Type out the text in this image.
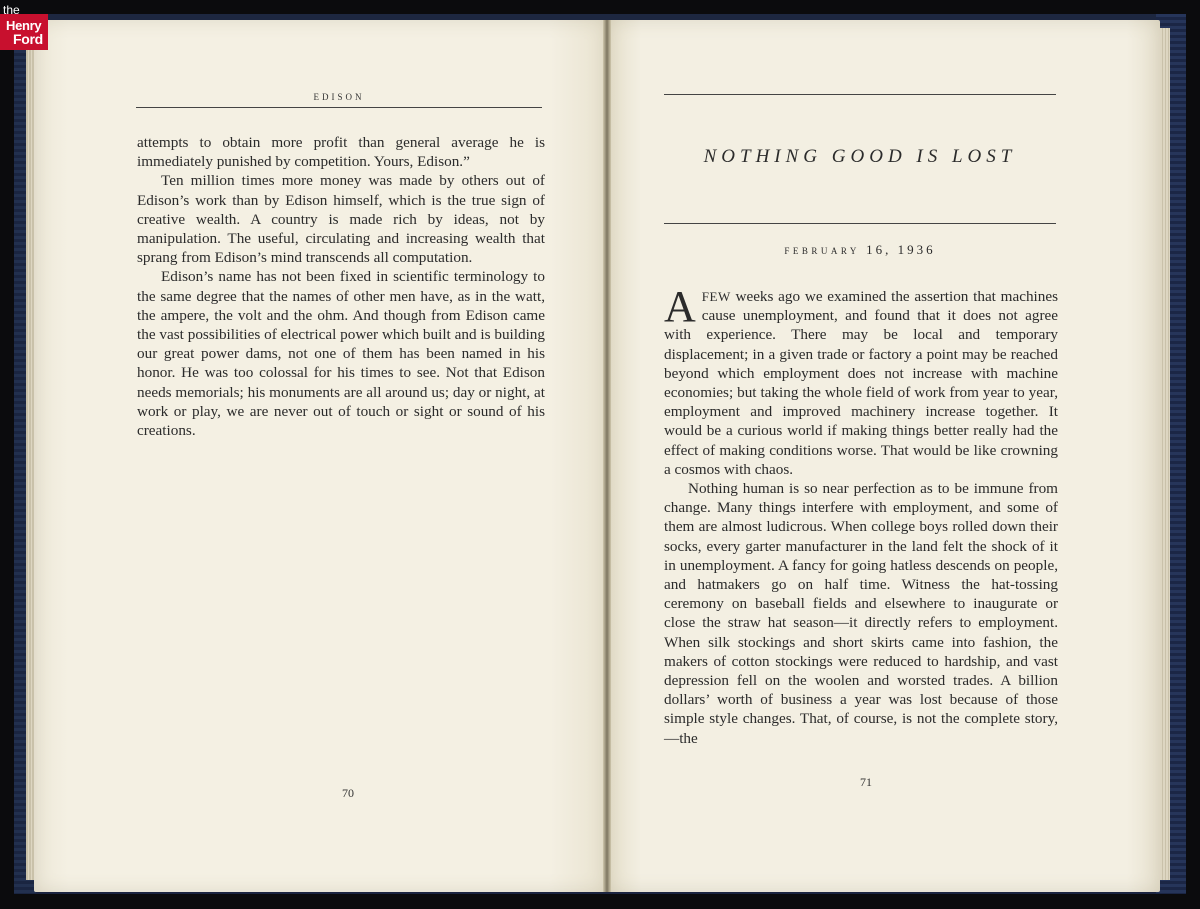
the
Henry
Ford
EDISON

attempts to obtain more profit than general average he is immediately punished by competition. Yours, Edison.”

Ten million times more money was made by others out of Edison’s work than by Edison himself, which is the true sign of creative wealth. A country is made rich by ideas, not by manipulation. The useful, circulating and increasing wealth that sprang from Edison’s mind transcends all computation.

Edison’s name has not been fixed in scientific terminology to the same degree that the names of other men have, as in the watt, the ampere, the volt and the ohm. And though from Edison came the vast possibilities of electrical power which built and is building our great power dams, not one of them has been named in his honor. He was too colossal for his times to see. Not that Edison needs memorials; his monuments are all around us; day or night, at work or play, we are never out of touch or sight or sound of his creations.

70
NOTHING GOOD IS LOST
FEBRUARY 16, 1936

AFEW weeks ago we examined the assertion that machines cause unemployment, and found that it does not agree with experience. There may be local and temporary displacement; in a given trade or factory a point may be reached beyond which employment does not increase with machine economies; but taking the whole field of work from year to year, employment and improved machinery increase together. It would be a curious world if making things better really had the effect of making conditions worse. That would be like crowning a cosmos with chaos.

Nothing human is so near perfection as to be immune from change. Many things interfere with employment, and some of them are almost ludicrous. When college boys rolled down their socks, every garter manufacturer in the land felt the shock of it in unemployment. A fancy for going hatless descends on people, and hatmakers go on half time. Witness the hat-tossing ceremony on baseball fields and elsewhere to inaugurate or close the straw hat season—it directly refers to employment. When silk stockings and short skirts came into fashion, the makers of cotton stockings were reduced to hardship, and vast depression fell on the woolen and worsted trades. A billion dollars’ worth of business a year was lost because of those simple style changes. That, of course, is not the complete story,—the

71
